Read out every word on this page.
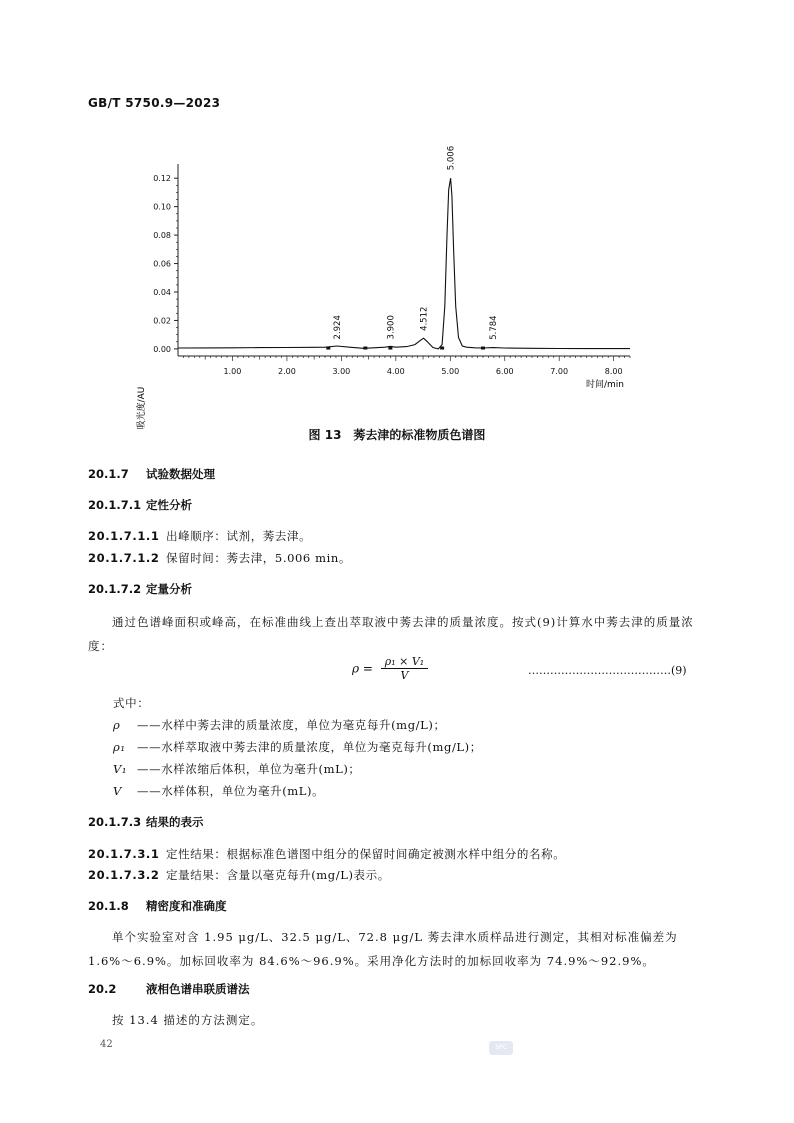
GB/T 5750.9—2023
0.00
0.02
0.04
0.06
0.08
0.10
0.12
1.00	2.00	3.00	4.00	5.00	6.00	7.00	8.00
2.924	3.900	4.512
5.006
5.784
吸光度/AU
时间/min
图 13　莠去津的标准物质色谱图
20.1.7 试验数据处理
20.1.7.1 定性分析
20.1.7.1.1 出峰顺序：试剂，莠去津。
20.1.7.1.2 保留时间：莠去津，5.006 min。
20.1.7.2 定量分析
通过色谱峰面积或峰高，在标准曲线上查出萃取液中莠去津的质量浓度。按式(9)计算水中莠去津的质量浓度：
$\rho = \frac{\text{ρ₁ × V₁}}{V}$	…………………………………(9)
式中：
ρ ——水样中莠去津的质量浓度，单位为毫克每升(mg/L)；
ρ₁ ——水样萃取液中莠去津的质量浓度，单位为毫克每升(mg/L)；
V₁ ——水样浓缩后体积，单位为毫升(mL)；
V ——水样体积，单位为毫升(mL)。
20.1.7.3 结果的表示
20.1.7.3.1 定性结果：根据标准色谱图中组分的保留时间确定被测水样中组分的名称。
20.1.7.3.2 定量结果：含量以毫克每升(mg/L)表示。
20.1.8 精密度和准确度
单个实验室对含 1.95 μg/L、32.5 μg/L、72.8 μg/L 莠去津水质样品进行测定，其相对标准偏差为1.6%～6.9%。加标回收率为 84.6%～96.9%。采用净化方法时的加标回收率为 74.9%～92.9%。
20.2	液相色谱串联质谱法
按 13.4 描述的方法测定。
42	SPC
